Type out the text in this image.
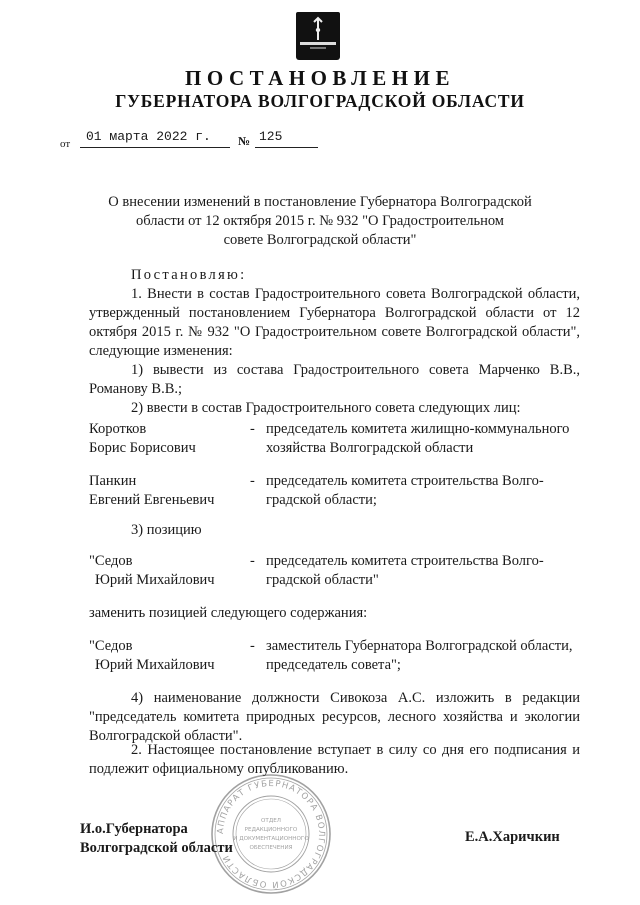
ПОСТАНОВЛЕНИЕ
ГУБЕРНАТОРА ВОЛГОГРАДСКОЙ ОБЛАСТИ
от 01 марта 2022 г. № 125
О внесении изменений в постановление Губернатора Волгоградской
области от 12 октября 2015 г. № 932 "О Градостроительном
совете Волгоградской области"
Постановляю:
1. Внести в состав Градостроительного совета Волгоградской области, утвержденный постановлением Губернатора Волгоградской области от 12 октября 2015 г. № 932 "О Градостроительном совете Волгоградской области", следующие изменения:
1) вывести из состава Градостроительного совета Марченко В.В., Романову В.В.;
2) ввести в состав Градостроительного совета следующих лиц:
Коротков
Борис Борисович
- председатель комитета жилищно-коммунального
хозяйства Волгоградской области
Панкин
Евгений Евгеньевич
- председатель комитета строительства Волго-
градской области;
3) позицию
"Седов
Юрий Михайлович
- председатель комитета строительства Волго-
градской области"
заменить позицией следующего содержания:
"Седов
Юрий Михайлович
- заместитель Губернатора Волгоградской области,
председатель совета";
4) наименование должности Сивокоза А.С. изложить в редакции "председатель комитета природных ресурсов, лесного хозяйства и экологии Волгоградской области".
2. Настоящее постановление вступает в силу со дня его подписания и подлежит официальному опубликованию.
АППАРАТ ГУБЕРНАТОРА ВОЛГОГРАДСКОЙ ОБЛАСТИ
ОТДЕЛ
РЕДАКЦИОННОГО
И ДОКУМЕНТАЦИОННОГО
ОБЕСПЕЧЕНИЯ
И.о.Губернатора
Волгоградской области
Е.А.Харичкин
